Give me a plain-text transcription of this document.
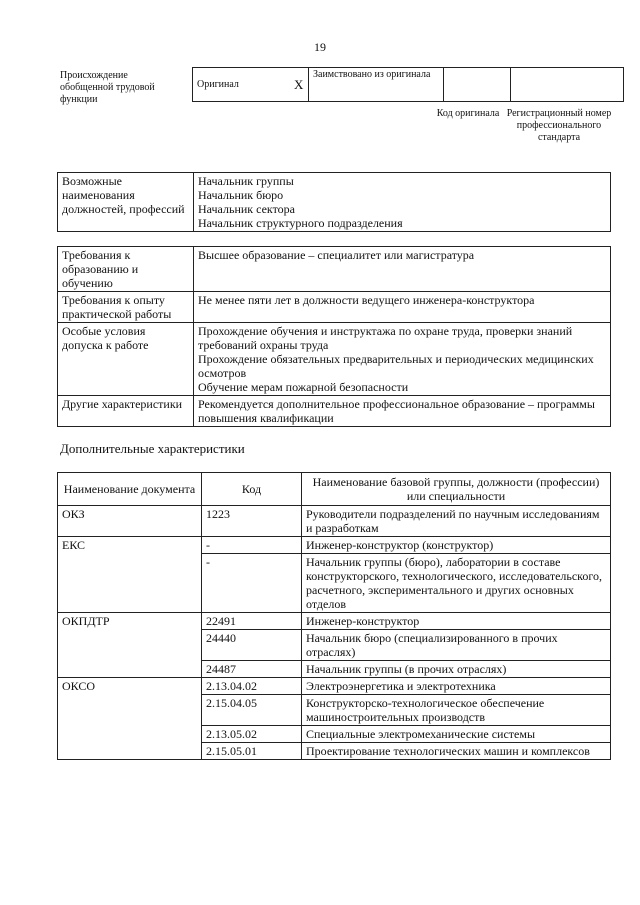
19
Происхождение обобщенной трудовой функции
Оригинал	X	Заимствовано из оригинала		
Код оригинала Регистрационный номер профессионального стандарта
Возможные наименования должностей, профессий	
Начальник группы
Начальник бюро
Начальник сектора
Начальник структурного подразделения
Требования к образованию и обучению	Высшее образование – специалитет или магистратура

Требования к опыту практической работы	Не менее пяти лет в должности ведущего инженера-конструктора

Особые условия допуска к работе	Прохождение обучения и инструктажа по охране труда, проверки знаний требований охраны труда
Прохождение обязательных предварительных и периодических медицинских осмотров
Обучение мерам пожарной безопасности

Другие характеристики	Рекомендуется дополнительное профессиональное образование – программы повышения квалификации
Дополнительные характеристики
Наименование документа	Код	Наименование базовой группы, должности (профессии) или специальности
ОКЗ	1223	Руководители подразделений по научным исследованиям и разработкам
ЕКС	-	Инженер-конструктор (конструктор)
	-	Начальник группы (бюро), лаборатории в составе конструкторского, технологического, исследовательского, расчетного, экспериментального и других основных отделов
ОКПДТР	22491	Инженер-конструктор
	24440	Начальник бюро (специализированного в прочих отраслях)
	24487	Начальник группы (в прочих отраслях)
ОКСО	2.13.04.02	Электроэнергетика и электротехника
	2.15.04.05	Конструкторско-технологическое обеспечение машиностроительных производств
	2.13.05.02	Специальные электромеханические системы
	2.15.05.01	Проектирование технологических машин и комплексов
